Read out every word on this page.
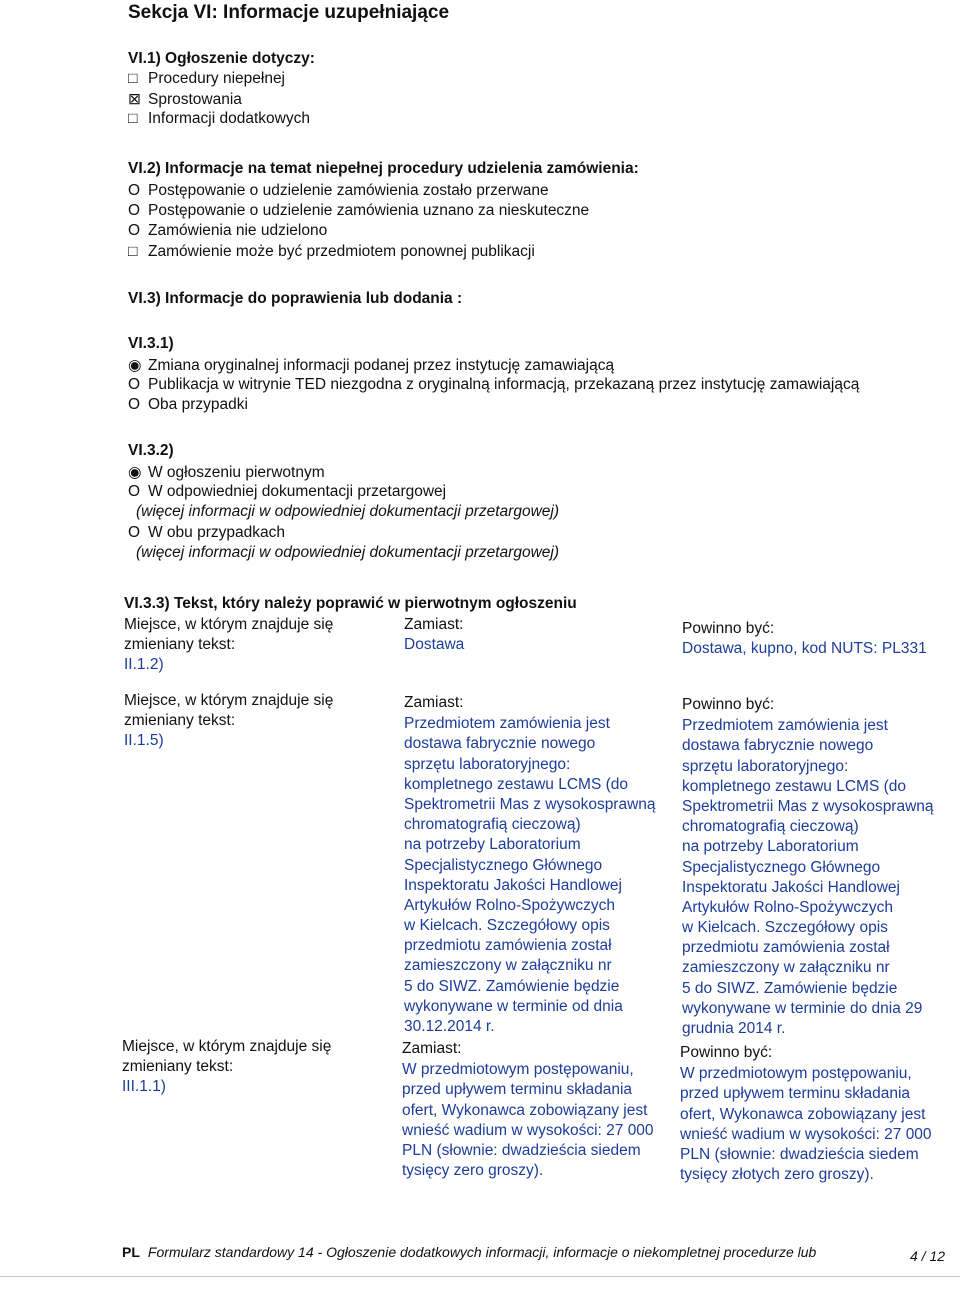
Sekcja VI: Informacje uzupełniające
VI.1) Ogłoszenie dotyczy:
□ Procedury niepełnej
⊠ Sprostowania
□ Informacji dodatkowych
VI.2) Informacje na temat niepełnej procedury udzielenia zamówienia:
O Postępowanie o udzielenie zamówienia zostało przerwane
O Postępowanie o udzielenie zamówienia uznano za nieskuteczne
O Zamówienia nie udzielono
□ Zamówienie może być przedmiotem ponownej publikacji
VI.3) Informacje do poprawienia lub dodania :
VI.3.1)
◉ Zmiana oryginalnej informacji podanej przez instytucję zamawiającą
O Publikacja w witrynie TED niezgodna z oryginalną informacją, przekazaną przez instytucję zamawiającą
O Oba przypadki
VI.3.2)
◉ W ogłoszeniu pierwotnym
O W odpowiedniej dokumentacji przetargowej
(więcej informacji w odpowiedniej dokumentacji przetargowej)
O W obu przypadkach
(więcej informacji w odpowiedniej dokumentacji przetargowej)
VI.3.3) Tekst, który należy poprawić w pierwotnym ogłoszeniu
Miejsce, w którym znajduje się
zmieniany tekst:
II.1.2)
Zamiast:
Dostawa
Powinno być:
Dostawa, kupno, kod NUTS: PL331
Miejsce, w którym znajduje się
zmieniany tekst:
II.1.5)
Zamiast:
Przedmiotem zamówienia jest
dostawa fabrycznie nowego
sprzętu laboratoryjnego:
kompletnego zestawu LCMS (do
Spektrometrii Mas z wysokosprawną
chromatografią cieczową)
na potrzeby Laboratorium
Specjalistycznego Głównego
Inspektoratu Jakości Handlowej
Artykułów Rolno-Spożywczych
w Kielcach. Szczegółowy opis
przedmiotu zamówienia został
zamieszczony w załączniku nr
5 do SIWZ. Zamówienie będzie
wykonywane w terminie od dnia
30.12.2014 r.
Powinno być:
Przedmiotem zamówienia jest
dostawa fabrycznie nowego
sprzętu laboratoryjnego:
kompletnego zestawu LCMS (do
Spektrometrii Mas z wysokosprawną
chromatografią cieczową)
na potrzeby Laboratorium
Specjalistycznego Głównego
Inspektoratu Jakości Handlowej
Artykułów Rolno-Spożywczych
w Kielcach. Szczegółowy opis
przedmiotu zamówienia został
zamieszczony w załączniku nr
5 do SIWZ. Zamówienie będzie
wykonywane w terminie do dnia 29
grudnia 2014 r.
Miejsce, w którym znajduje się
zmieniany tekst:
III.1.1)
Zamiast:
W przedmiotowym postępowaniu,
przed upływem terminu składania
ofert, Wykonawca zobowiązany jest
wnieść wadium w wysokości: 27 000
PLN (słownie: dwadzieścia siedem
tysięcy zero groszy).
Powinno być:
W przedmiotowym postępowaniu,
przed upływem terminu składania
ofert, Wykonawca zobowiązany jest
wnieść wadium w wysokości: 27 000
PLN (słownie: dwadzieścia siedem
tysięcy złotych zero groszy).
PL Formularz standardowy 14 - Ogłoszenie dodatkowych informacji, informacje o niekompletnej procedurze lub	4 / 12
